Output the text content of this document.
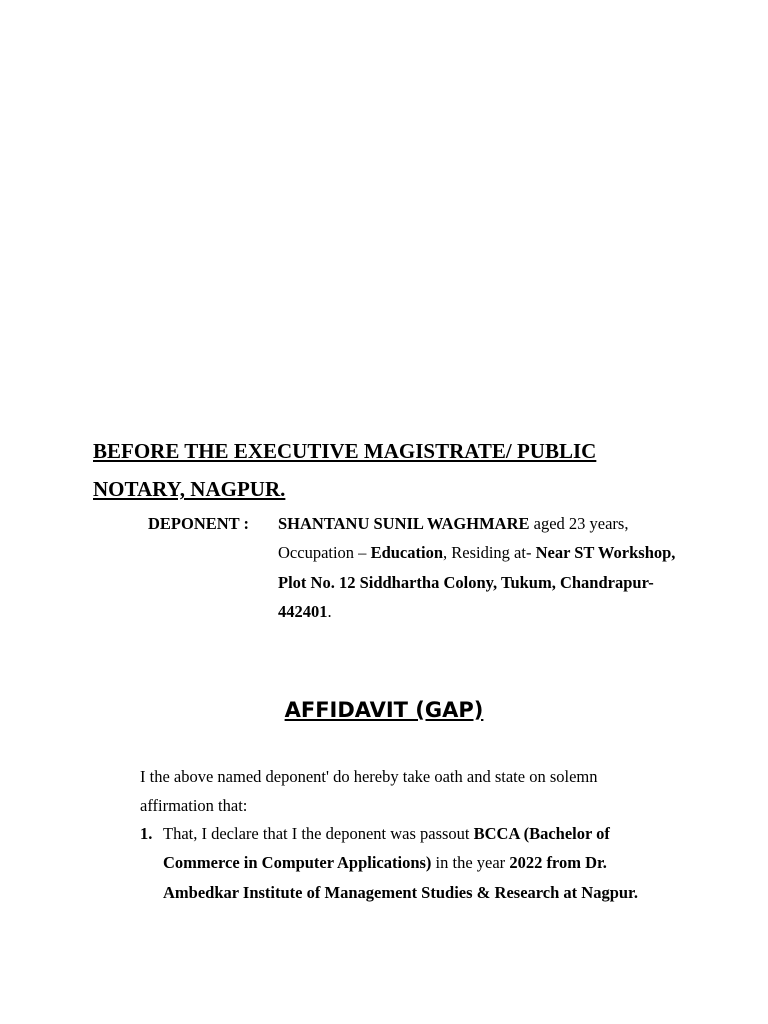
BEFORE THE EXECUTIVE MAGISTRATE/ PUBLIC
NOTARY, NAGPUR.
DEPONENT : SHANTANU SUNIL WAGHMARE aged 23 years, Occupation – Education, Residing at- Near ST Workshop, Plot No. 12 Siddhartha Colony, Tukum, Chandrapur-442401.
AFFIDAVIT (GAP)
I the above named deponent' do hereby take oath and state on solemn affirmation that:
1. That, I declare that I the deponent was passout BCCA (Bachelor of Commerce in Computer Applications) in the year 2022 from Dr. Ambedkar Institute of Management Studies & Research at Nagpur.
